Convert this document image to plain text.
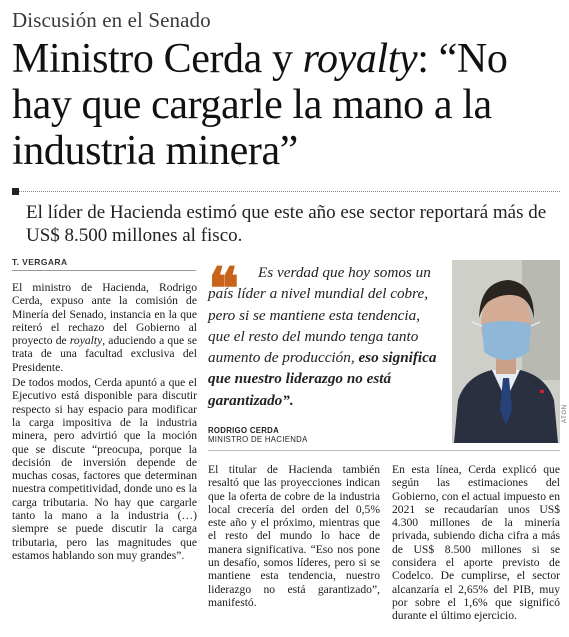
Discusión en el Senado
Ministro Cerda y royalty: “No hay que cargarle la mano a la industria minera”
El líder de Hacienda estimó que este año ese sector reportará más de US$ 8.500 millones al fisco.
T. VERGARA

El ministro de Hacienda, Rodrigo Cerda, expuso ante la comisión de Minería del Senado, instancia en la que reiteró el rechazo del Gobierno al proyecto de royalty, aduciendo a que se trata de una facultad exclusiva del Presidente.

De todos modos, Cerda apuntó a que el Ejecutivo está disponible para discutir respecto si hay espacio para modificar la carga impositiva de la industria minera, pero advirtió que la moción que se discute “preocupa, porque la decisión de inversión depende de muchas cosas, factores que determinan nuestra competitividad, donde uno es la carga tributaria. No hay que cargarle tanto la mano a la industria (…) siempre se puede discutir la carga tributaria, pero las magnitudes que estamos hablando son muy grandes”.

❝	Es verdad que hoy somos un país líder a nivel mundial del cobre, pero si se mantiene esta tendencia, que el resto del mundo tenga tanto aumento de producción, eso significa que nuestro liderazgo no está garantizado”.
RODRIGO CERDA
MINISTRO DE HACIENDA
ATON

El titular de Hacienda también resaltó que las proyecciones indican que la oferta de cobre de la industria local crecería del orden del 0,5% este año y el próximo, mientras que el resto del mundo lo hace de manera significativa. “Eso nos pone un desafío, somos líderes, pero si se mantiene esta tendencia, nuestro liderazgo no está garantizado”, manifestó.

En esta línea, Cerda explicó que según las estimaciones del Gobierno, con el actual impuesto en 2021 se recaudarían unos US$ 4.300 millones de la minería privada, subiendo dicha cifra a más de US$ 8.500 millones si se considera el aporte previsto de Codelco. De cumplirse, el sector alcanzaría el 2,65% del PIB, muy por sobre el 1,6% que significó durante el último ejercicio.
